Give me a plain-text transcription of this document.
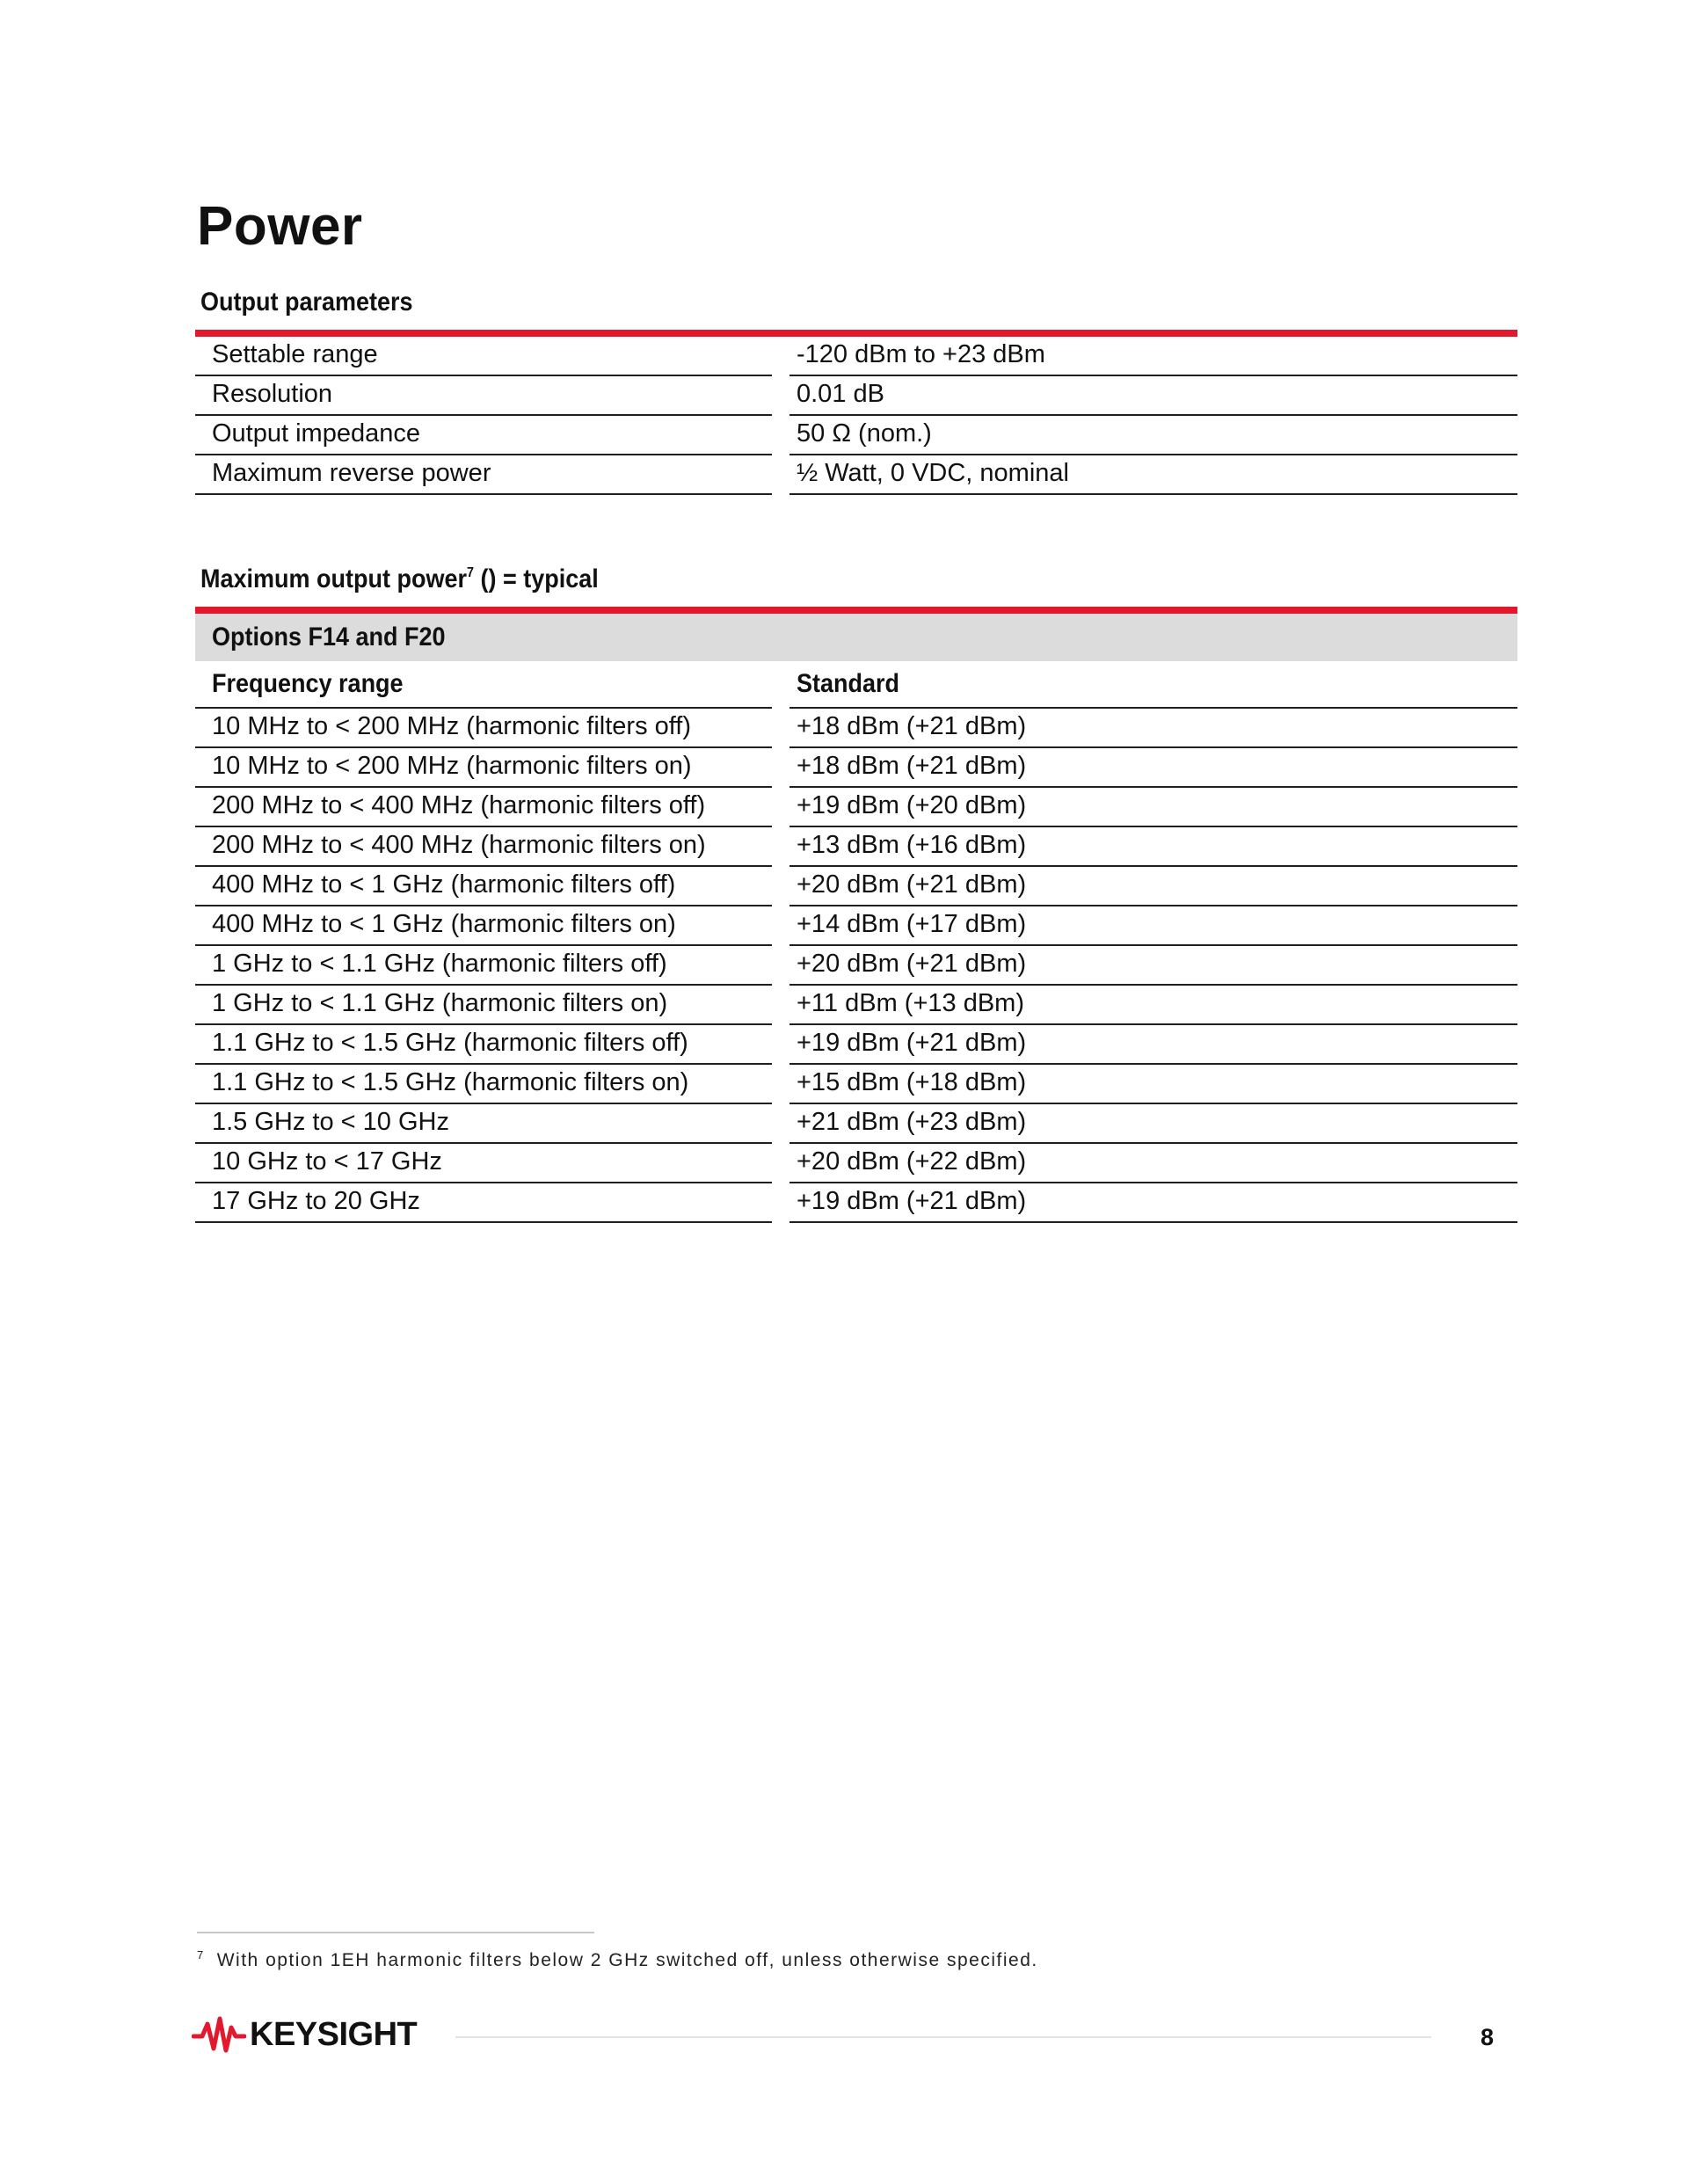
Power
Output parameters
Settable range	-120 dBm to +23 dBm
Resolution	0.01 dB
Output impedance	50 Ω (nom.)
Maximum reverse power	½ Watt, 0 VDC, nominal
Maximum output power$^7$ () = typical
Options F14 and F20
Frequency range	Standard
10 MHz to < 200 MHz (harmonic filters off)	+18 dBm (+21 dBm)
10 MHz to < 200 MHz (harmonic filters on)	+18 dBm (+21 dBm)
200 MHz to < 400 MHz (harmonic filters off)	+19 dBm (+20 dBm)
200 MHz to < 400 MHz (harmonic filters on)	+13 dBm (+16 dBm)
400 MHz to < 1 GHz (harmonic filters off)	+20 dBm (+21 dBm)
400 MHz to < 1 GHz (harmonic filters on)	+14 dBm (+17 dBm)
1 GHz to < 1.1 GHz (harmonic filters off)	+20 dBm (+21 dBm)
1 GHz to < 1.1 GHz (harmonic filters on)	+11 dBm (+13 dBm)
1.1 GHz to < 1.5 GHz (harmonic filters off)	+19 dBm (+21 dBm)
1.1 GHz to < 1.5 GHz (harmonic filters on)	+15 dBm (+18 dBm)
1.5 GHz to < 10 GHz	+21 dBm (+23 dBm)
10 GHz to < 17 GHz	+20 dBm (+22 dBm)
17 GHz to 20 GHz	+19 dBm (+21 dBm)
$^7$ With option 1EH harmonic filters below 2 GHz switched off, unless otherwise specified.
KEYSIGHT	8
